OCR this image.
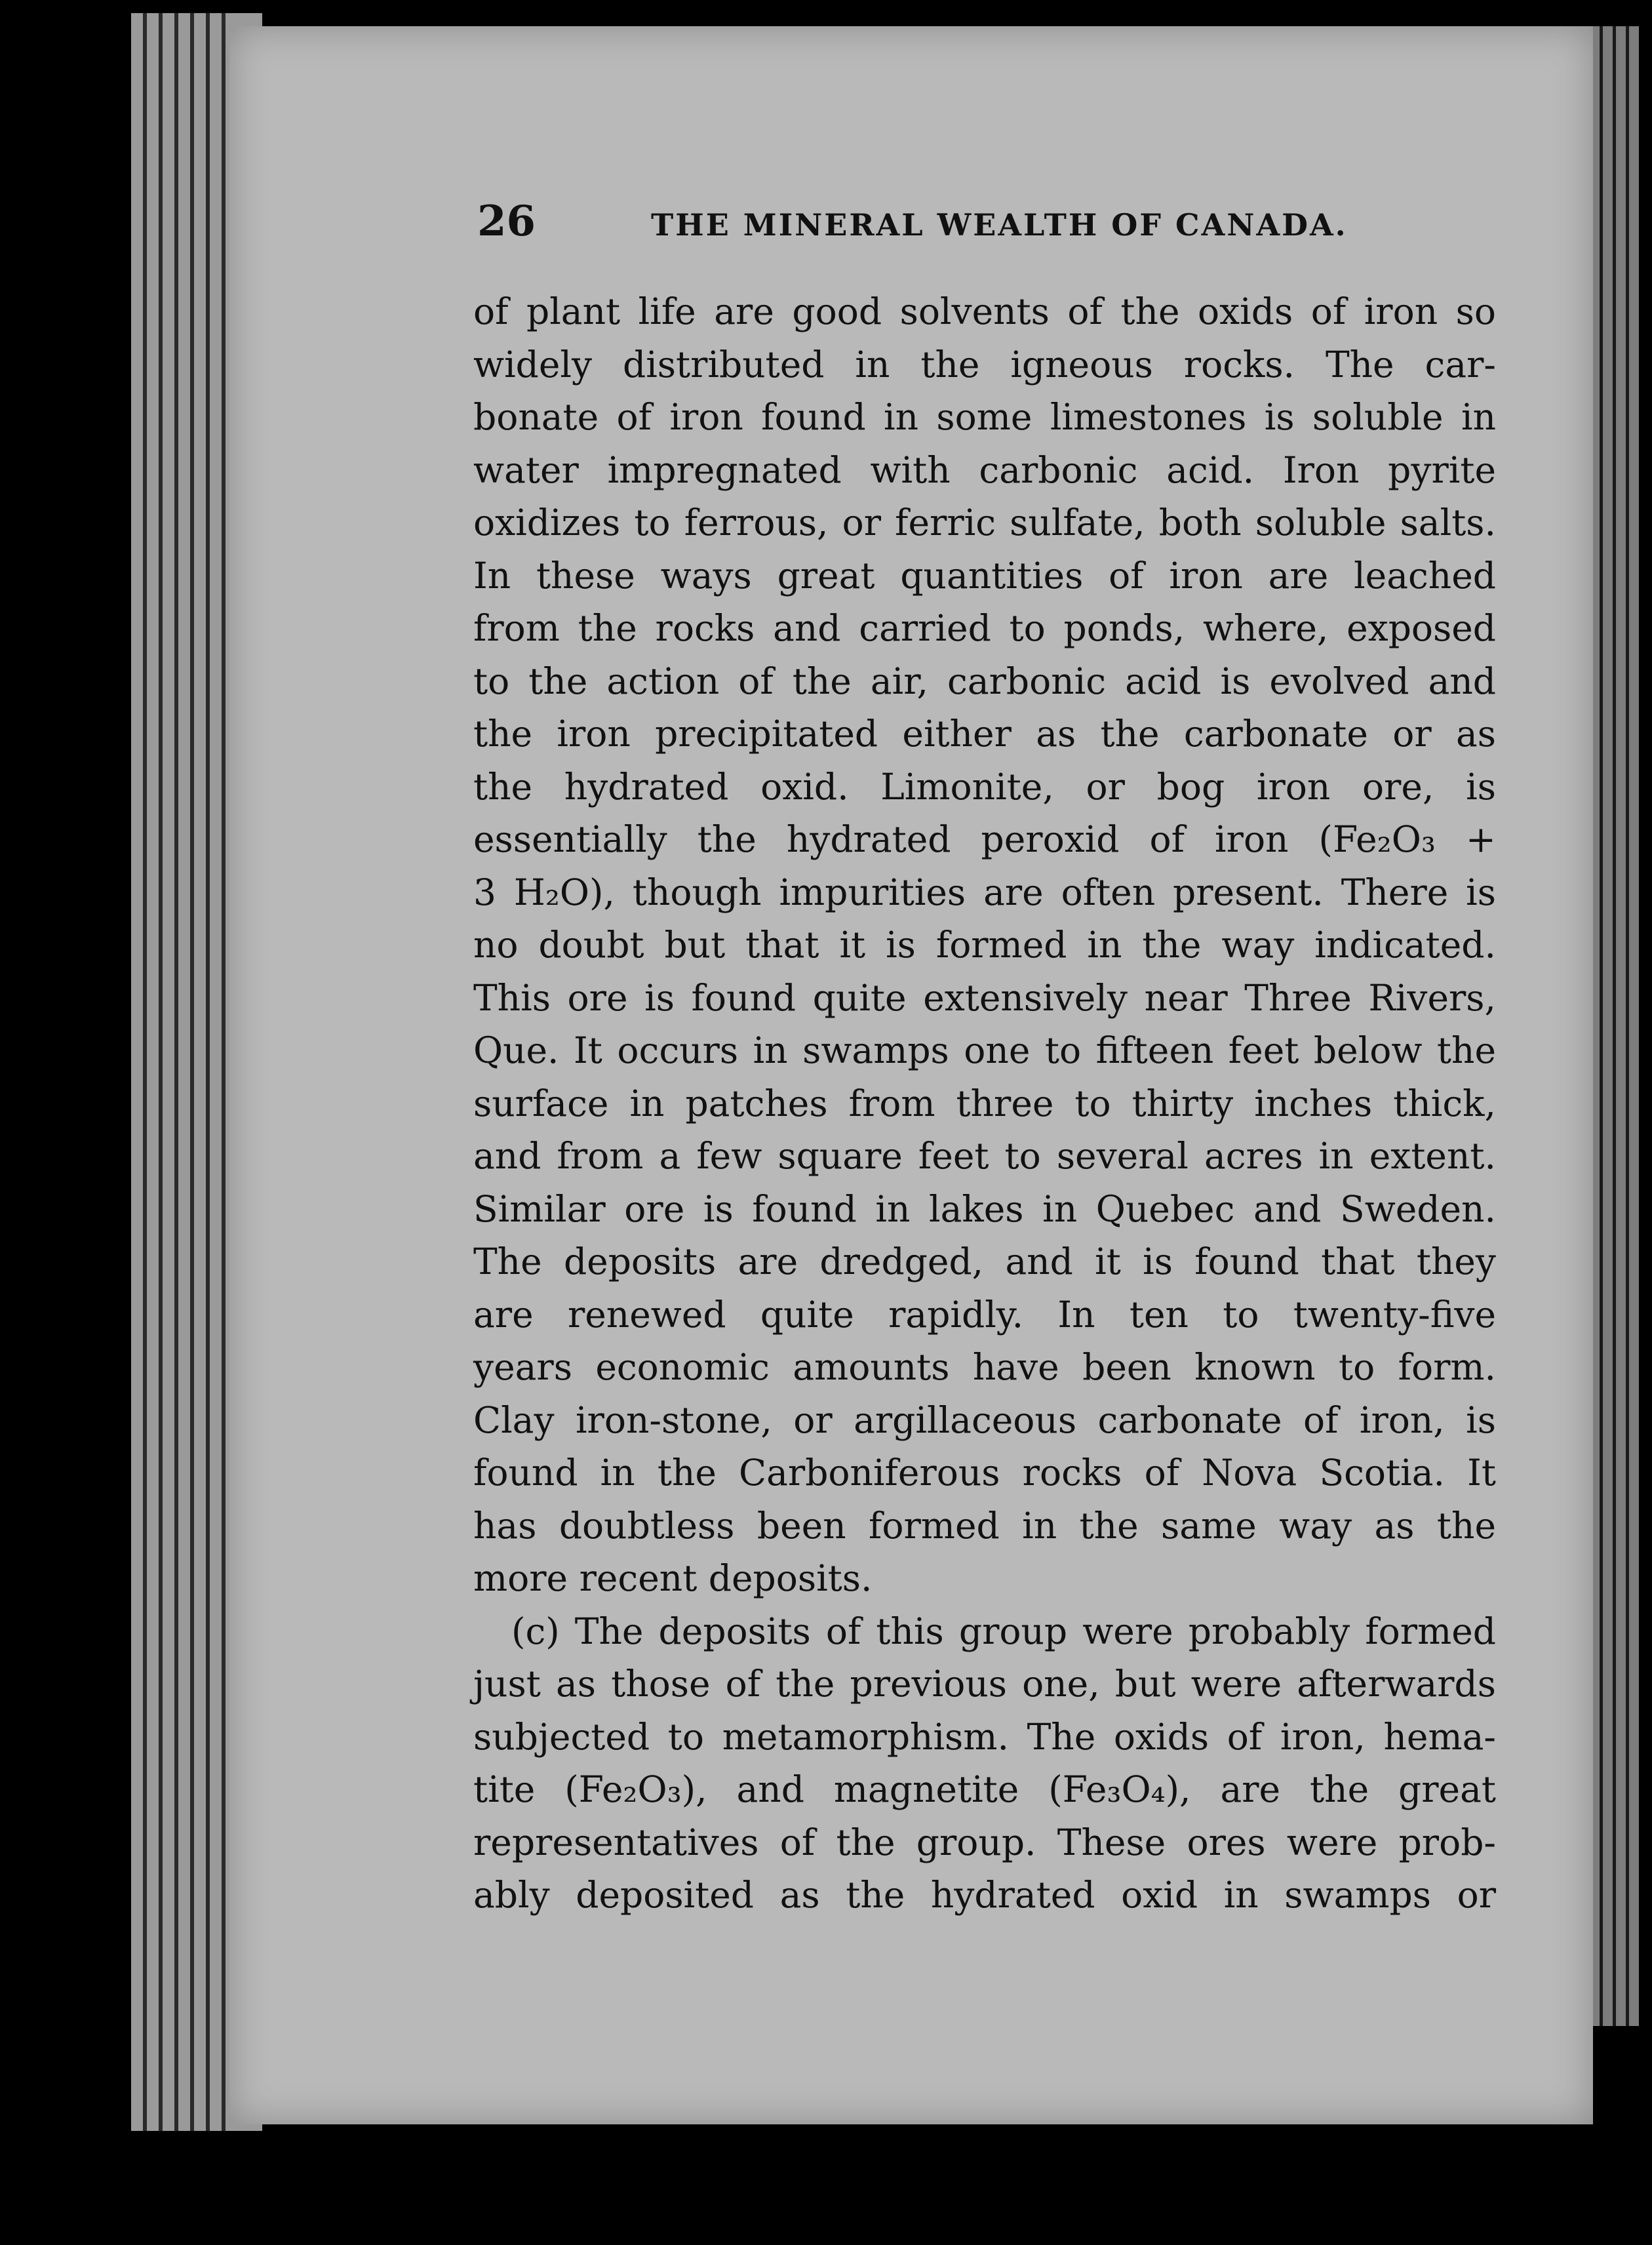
26	THE MINERAL WEALTH OF CANADA.
of plant life are good solvents of the oxids of iron so
widely distributed in the igneous rocks. The car-
bonate of iron found in some limestones is soluble in
water impregnated with carbonic acid. Iron pyrite
oxidizes to ferrous, or ferric sulfate, both soluble salts.
In these ways great quantities of iron are leached
from the rocks and carried to ponds, where, exposed
to the action of the air, carbonic acid is evolved and
the iron precipitated either as the carbonate or as
the hydrated oxid. Limonite, or bog iron ore, is
essentially the hydrated peroxid of iron (Fe₂O₃ +
3 H₂O), though impurities are often present. There is
no doubt but that it is formed in the way indicated.
This ore is found quite extensively near Three Rivers,
Que. It occurs in swamps one to fifteen feet below the
surface in patches from three to thirty inches thick,
and from a few square feet to several acres in extent.
Similar ore is found in lakes in Quebec and Sweden.
The deposits are dredged, and it is found that they
are renewed quite rapidly. In ten to twenty-five
years economic amounts have been known to form.
Clay iron-stone, or argillaceous carbonate of iron, is
found in the Carboniferous rocks of Nova Scotia. It
has doubtless been formed in the same way as the
more recent deposits.
(c) The deposits of this group were probably formed
just as those of the previous one, but were afterwards
subjected to metamorphism. The oxids of iron, hema-
tite (Fe₂O₃), and magnetite (Fe₃O₄), are the great
representatives of the group. These ores were prob-
ably deposited as the hydrated oxid in swamps or
